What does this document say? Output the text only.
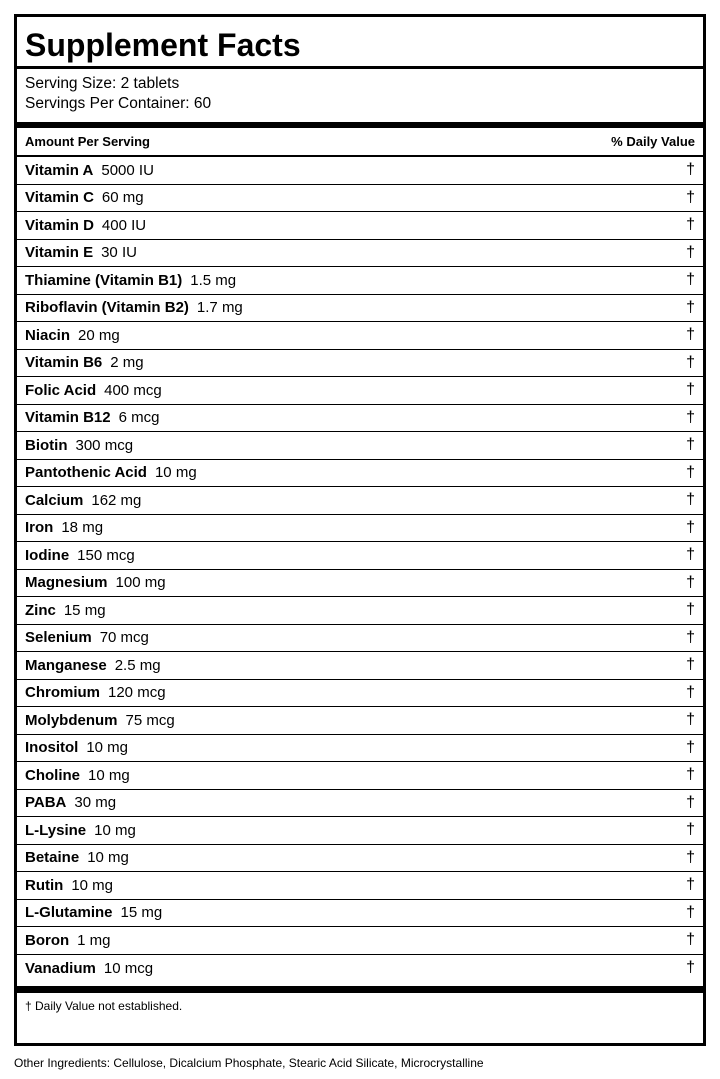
Supplement Facts
Serving Size: 2 tablets
Servings Per Container: 60
Amount Per Serving	% Daily Value
Vitamin A 5000 IU	†
Vitamin C 60 mg	†
Vitamin D 400 IU	†
Vitamin E 30 IU	†
Thiamine (Vitamin B1) 1.5 mg	†
Riboflavin (Vitamin B2) 1.7 mg	†
Niacin 20 mg	†
Vitamin B6 2 mg	†
Folic Acid 400 mcg	†
Vitamin B12 6 mcg	†
Biotin 300 mcg	†
Pantothenic Acid 10 mg	†
Calcium 162 mg	†
Iron 18 mg	†
Iodine 150 mcg	†
Magnesium 100 mg	†
Zinc 15 mg	†
Selenium 70 mcg	†
Manganese 2.5 mg	†
Chromium 120 mcg	†
Molybdenum 75 mcg	†
Inositol 10 mg	†
Choline 10 mg	†
PABA 30 mg	†
L-Lysine 10 mg	†
Betaine 10 mg	†
Rutin 10 mg	†
L-Glutamine 15 mg	†
Boron 1 mg	†
Vanadium 10 mcg	†
† Daily Value not established.
Other Ingredients: Cellulose, Dicalcium Phosphate, Stearic Acid Silicate, Microcrystalline
